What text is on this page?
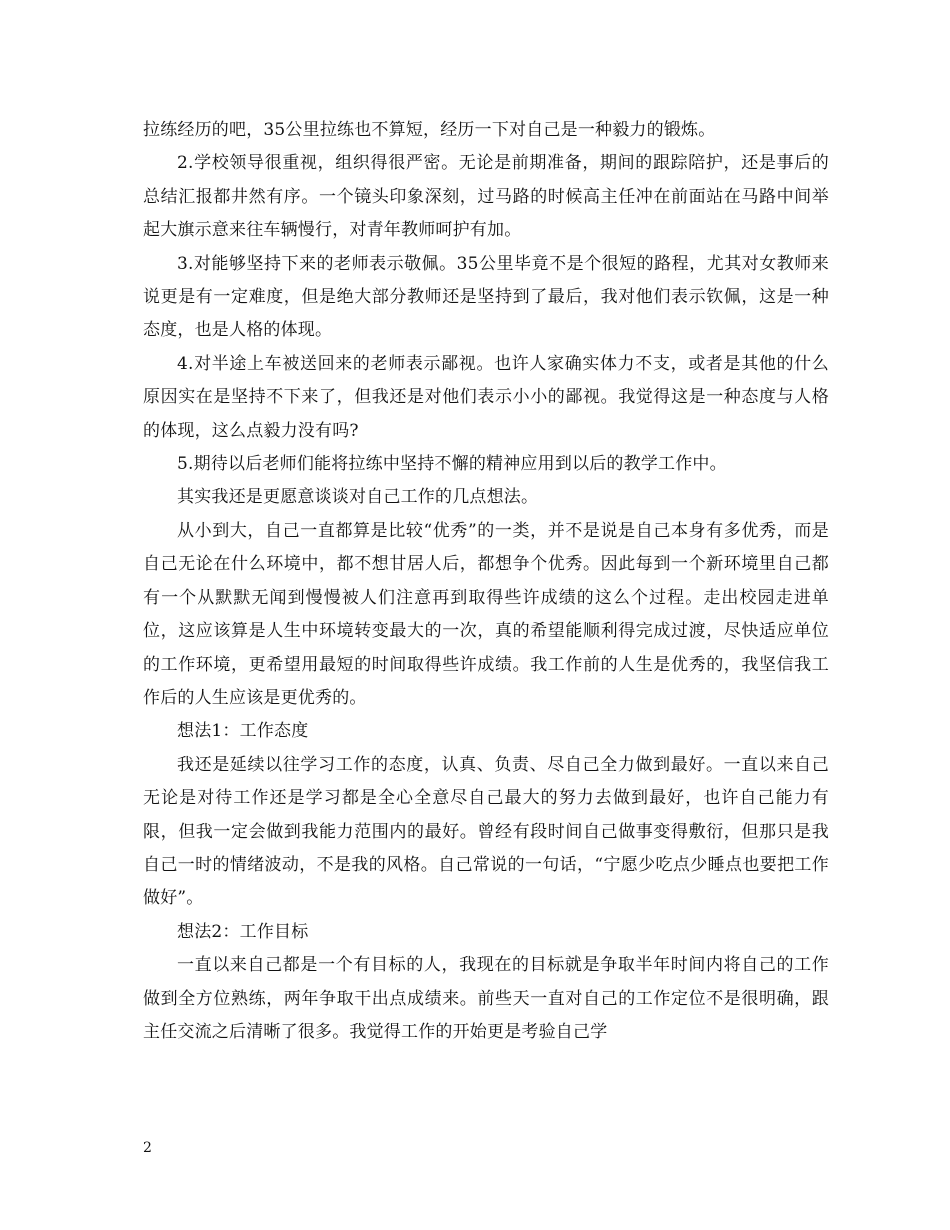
拉练经历的吧，35公里拉练也不算短，经历一下对自己是一种毅力的锻炼。

2.学校领导很重视，组织得很严密。无论是前期准备，期间的跟踪陪护，还是事后的总结汇报都井然有序。一个镜头印象深刻，过马路的时候高主任冲在前面站在马路中间举起大旗示意来往车辆慢行，对青年教师呵护有加。

3.对能够坚持下来的老师表示敬佩。35公里毕竟不是个很短的路程，尤其对女教师来说更是有一定难度，但是绝大部分教师还是坚持到了最后，我对他们表示钦佩，这是一种态度，也是人格的体现。

4.对半途上车被送回来的老师表示鄙视。也许人家确实体力不支，或者是其他的什么原因实在是坚持不下来了，但我还是对他们表示小小的鄙视。我觉得这是一种态度与人格的体现，这么点毅力没有吗?

5.期待以后老师们能将拉练中坚持不懈的精神应用到以后的教学工作中。

其实我还是更愿意谈谈对自己工作的几点想法。

从小到大，自己一直都算是比较“优秀”的一类，并不是说是自己本身有多优秀，而是自己无论在什么环境中，都不想甘居人后，都想争个优秀。因此每到一个新环境里自己都有一个从默默无闻到慢慢被人们注意再到取得些许成绩的这么个过程。走出校园走进单位，这应该算是人生中环境转变最大的一次，真的希望能顺利得完成过渡，尽快适应单位的工作环境，更希望用最短的时间取得些许成绩。我工作前的人生是优秀的，我坚信我工作后的人生应该是更优秀的。

想法1：工作态度

我还是延续以往学习工作的态度，认真、负责、尽自己全力做到最好。一直以来自己无论是对待工作还是学习都是全心全意尽自己最大的努力去做到最好，也许自己能力有限，但我一定会做到我能力范围内的最好。曾经有段时间自己做事变得敷衍，但那只是我自己一时的情绪波动，不是我的风格。自己常说的一句话，“宁愿少吃点少睡点也要把工作做好”。

想法2：工作目标

一直以来自己都是一个有目标的人，我现在的目标就是争取半年时间内将自己的工作做到全方位熟练，两年争取干出点成绩来。前些天一直对自己的工作定位不是很明确，跟主任交流之后清晰了很多。我觉得工作的开始更是考验自己学

2
